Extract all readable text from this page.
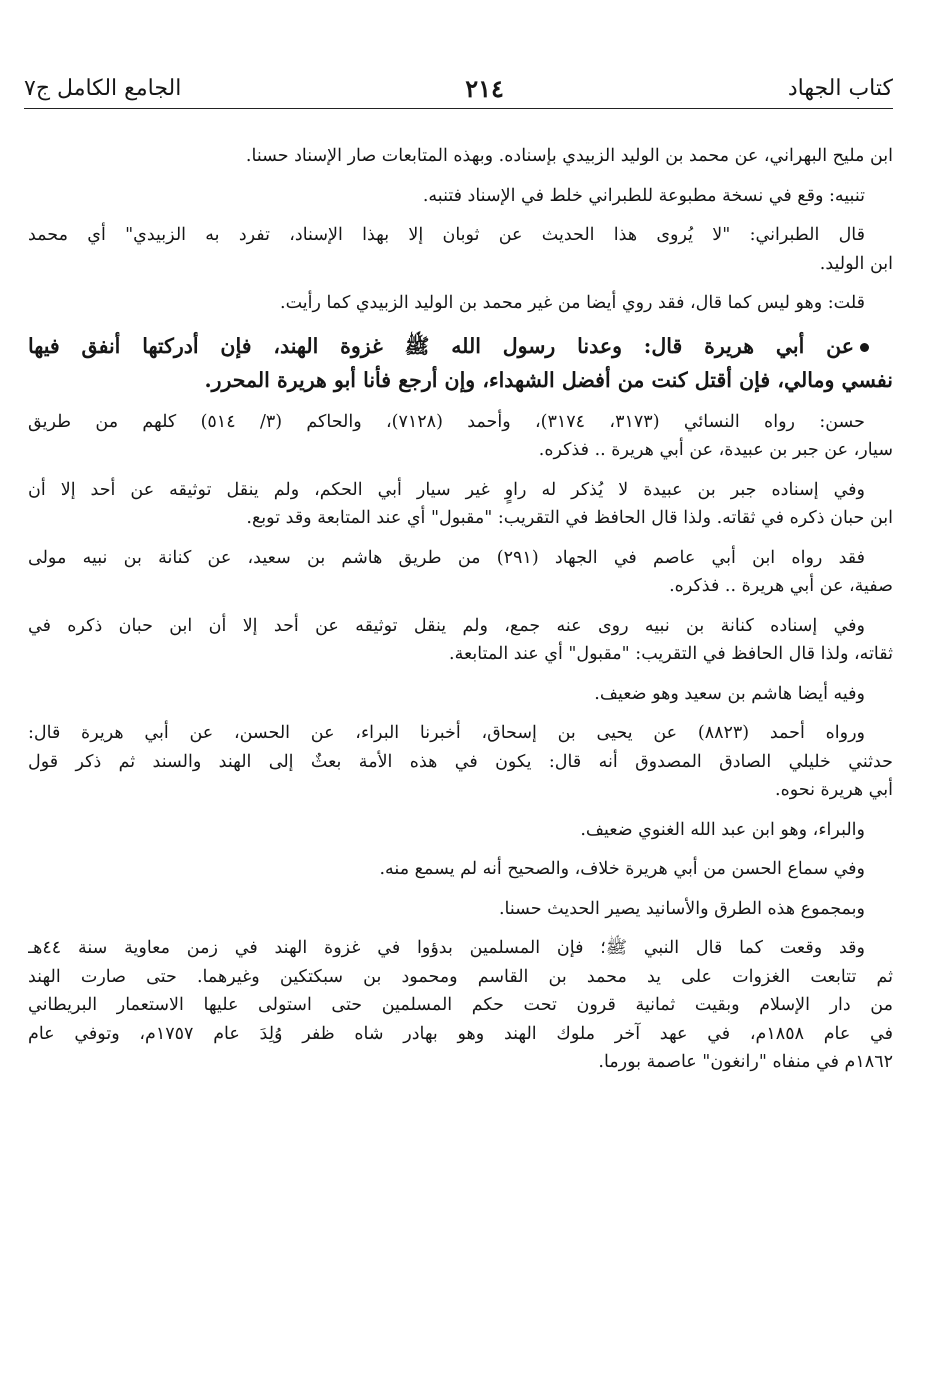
كتاب الجهاد
٢١٤
الجامع الكامل ج٧
ابن مليح البهراني، عن محمد بن الوليد الزبيدي بإسناده. وبهذه المتابعات صار الإسناد حسنا.
تنبيه: وقع في نسخة مطبوعة للطبراني خلط في الإسناد فتنبه.
قال الطبراني: "لا يُروى هذا الحديث عن ثوبان إلا بهذا الإسناد، تفرد به الزبيدي" أي محمد
ابن الوليد.
قلت: وهو ليس كما قال، فقد روي أيضا من غير محمد بن الوليد الزبيدي كما رأيت.
عن أبي هريرة قال: وعدنا رسول الله ﷺ غزوة الهند، فإن أدركتها أنفق فيها
نفسي ومالي، فإن أقتل كنت من أفضل الشهداء، وإن أرجع فأنا أبو هريرة المحرر.
حسن: رواه النسائي (٣١٧٣، ٣١٧٤)، وأحمد (٧١٢٨)، والحاكم (٣/ ٥١٤) كلهم من طريق
سيار، عن جبر بن عبيدة، عن أبي هريرة .. فذكره.
وفي إسناده جبر بن عبيدة لا يُذكر له راوٍ غير سيار أبي الحكم، ولم ينقل توثيقه عن أحد إلا أن
ابن حبان ذكره في ثقاته. ولذا قال الحافظ في التقريب: "مقبول" أي عند المتابعة وقد توبع.
فقد رواه ابن أبي عاصم في الجهاد (٢٩١) من طريق هاشم بن سعيد، عن كنانة بن نبيه مولى
صفية، عن أبي هريرة .. فذكره.
وفي إسناده كنانة بن نبيه روى عنه جمع، ولم ينقل توثيقه عن أحد إلا أن ابن حبان ذكره في
ثقاته، ولذا قال الحافظ في التقريب: "مقبول" أي عند المتابعة.
وفيه أيضا هاشم بن سعيد وهو ضعيف.
ورواه أحمد (٨٨٢٣) عن يحيى بن إسحاق، أخبرنا البراء، عن الحسن، عن أبي هريرة قال:
حدثني خليلي الصادق المصدوق أنه قال: يكون في هذه الأمة بعثٌ إلى الهند والسند ثم ذكر قول
أبي هريرة نحوه.
والبراء، وهو ابن عبد الله الغنوي ضعيف.
وفي سماع الحسن من أبي هريرة خلاف، والصحيح أنه لم يسمع منه.
وبمجموع هذه الطرق والأسانيد يصير الحديث حسنا.
وقد وقعت كما قال النبي ﷺ؛ فإن المسلمين بدؤوا في غزوة الهند في زمن معاوية سنة ٤٤هـ
ثم تتابعت الغزوات على يد محمد بن القاسم ومحمود بن سبكتكين وغيرهما. حتى صارت الهند
من دار الإسلام وبقيت ثمانية قرون تحت حكم المسلمين حتى استولى عليها الاستعمار البريطاني
في عام ١٨٥٨م، في عهد آخر ملوك الهند وهو بهادر شاه ظفر وُلِدَ عام ١٧٥٧م، وتوفي عام
١٨٦٢م في منفاه "رانغون" عاصمة بورما.
